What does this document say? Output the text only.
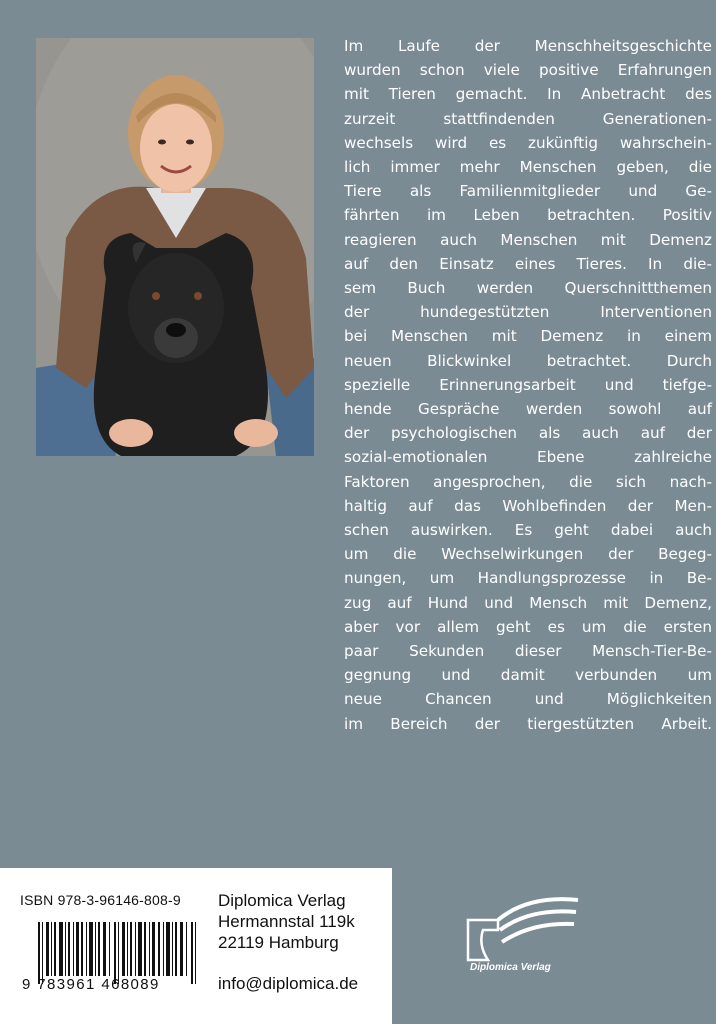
Im Laufe der Menschheitsgeschichte
wurden schon viele positive Erfahrungen
mit Tieren gemacht. In Anbetracht des
zurzeit stattfindenden Generationen-
wechsels wird es zukünftig wahrschein-
lich immer mehr Menschen geben, die
Tiere als Familienmitglieder und Ge-
fährten im Leben betrachten. Positiv
reagieren auch Menschen mit Demenz
auf den Einsatz eines Tieres. In die-
sem Buch werden Querschnittthemen
der hundegestützten Interventionen
bei Menschen mit Demenz in einem
neuen Blickwinkel betrachtet. Durch
spezielle Erinnerungsarbeit und tiefge-
hende Gespräche werden sowohl auf
der psychologischen als auch auf der
sozial-emotionalen Ebene zahlreiche
Faktoren angesprochen, die sich nach-
haltig auf das Wohlbefinden der Men-
schen auswirken. Es geht dabei auch
um die Wechselwirkungen der Begeg-
nungen, um Handlungsprozesse in Be-
zug auf Hund und Mensch mit Demenz,
aber vor allem geht es um die ersten
paar Sekunden dieser Mensch-Tier-Be-
gegnung und damit verbunden um
neue Chancen und Möglichkeiten
im Bereich der tiergestützten Arbeit.

ISBN 978-3-96146-808-9
9 783961 468089
Diplomica Verlag
Hermannstal 119k
22119 Hamburg
info@diplomica.de
Diplomica Verlag
